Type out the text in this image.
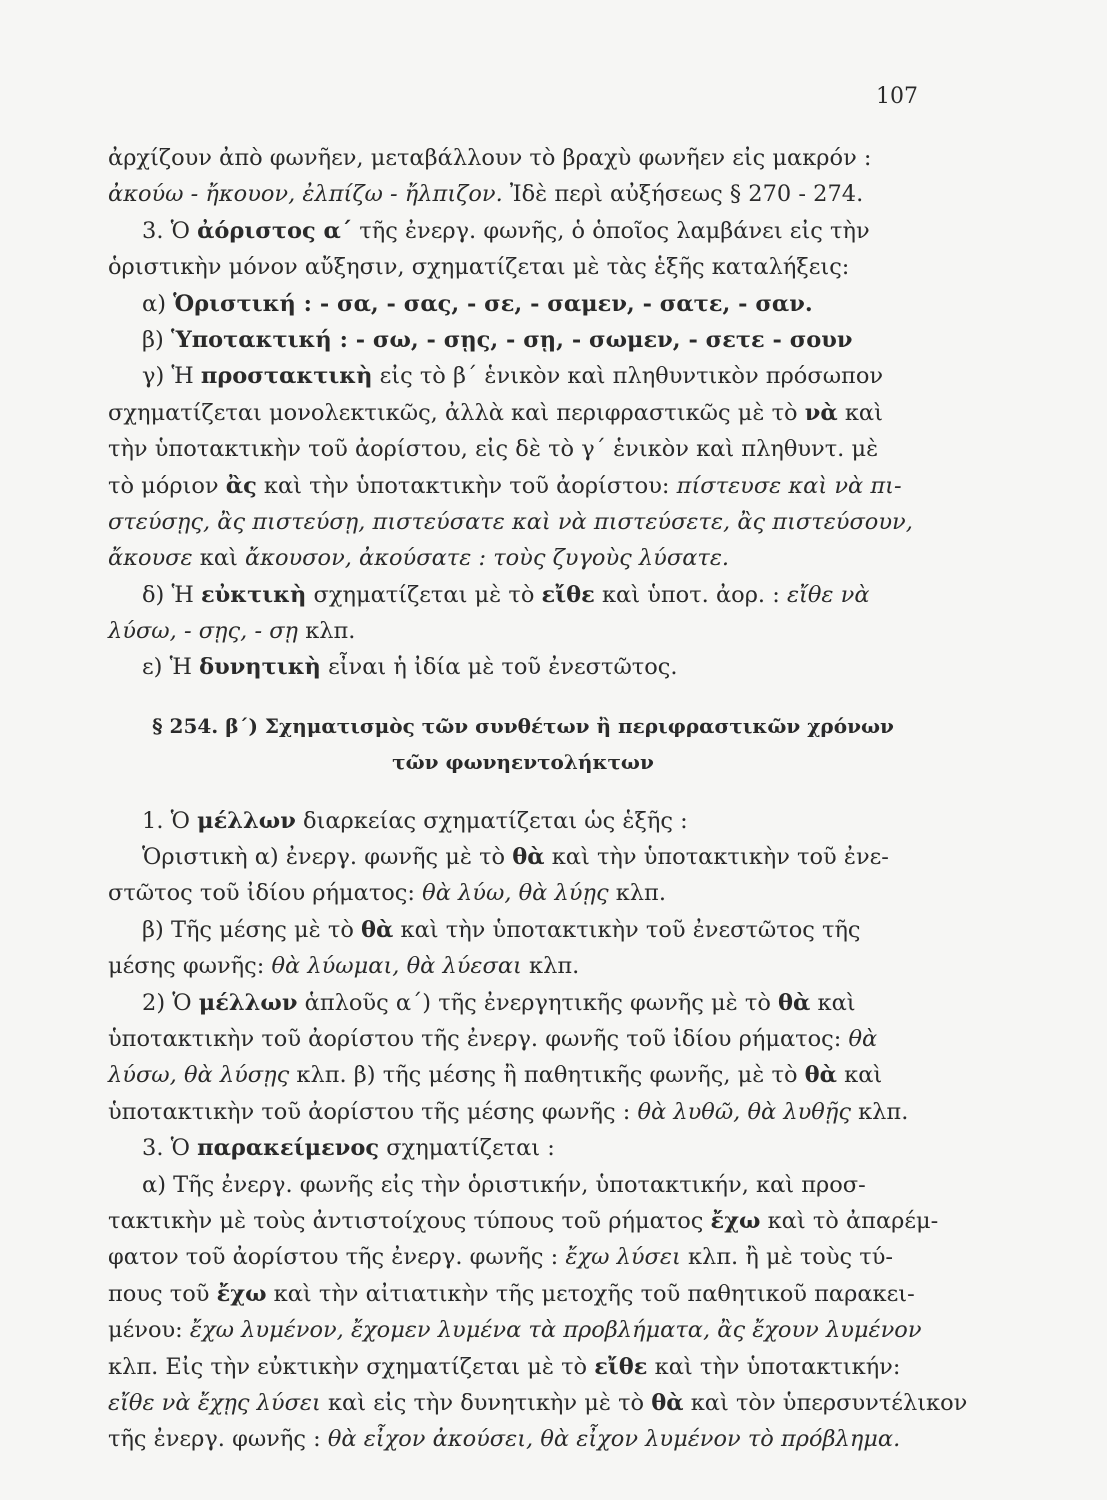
107
ἀρχίζουν ἀπὸ φωνῆεν, μεταβάλλουν τὸ βραχὺ φωνῆεν εἰς μακρόν :
ἀκούω - ἤκουον, ἐλπίζω - ἤλπιζον. Ἰδὲ περὶ αὐξήσεως § 270 - 274.
3. Ὁ ἀόριστος α΄ τῆς ἐνεργ. φωνῆς, ὁ ὁποῖος λαμβάνει εἰς τὴν
ὁριστικὴν μόνον αὔξησιν, σχηματίζεται μὲ τὰς ἑξῆς καταλήξεις:
α) Ὁριστική : - σα, - σας, - σε, - σαμεν, - σατε, - σαν.
β) Ὑποτακτική : - σω, - σῃς, - σῃ, - σωμεν, - σετε - σουν
γ) Ἡ προστακτικὴ εἰς τὸ β΄ ἑνικὸν καὶ πληθυντικὸν πρόσωπον
σχηματίζεται μονολεκτικῶς, ἀλλὰ καὶ περιφραστικῶς μὲ τὸ νὰ καὶ
τὴν ὑποτακτικὴν τοῦ ἀορίστου, εἰς δὲ τὸ γ΄ ἑνικὸν καὶ πληθυντ. μὲ
τὸ μόριον ἂς καὶ τὴν ὑποτακτικὴν τοῦ ἀορίστου: πίστευσε καὶ νὰ πι-
στεύσῃς, ἂς πιστεύσῃ, πιστεύσατε καὶ νὰ πιστεύσετε, ἂς πιστεύσουν,
ἄκουσε καὶ ἄκουσον, ἀκούσατε : τοὺς ζυγοὺς λύσατε.
δ) Ἡ εὐκτικὴ σχηματίζεται μὲ τὸ εἴθε καὶ ὑποτ. ἀορ. : εἴθε νὰ
λύσω, - σῃς, - σῃ κλπ.
ε) Ἡ δυνητικὴ εἶναι ἡ ἰδία μὲ τοῦ ἐνεστῶτος.
§ 254. β΄) Σχηματισμὸς τῶν συνθέτων ἢ περιφραστικῶν χρόνων
τῶν φωνηεντολήκτων
1. Ὁ μέλλων διαρκείας σχηματίζεται ὡς ἑξῆς :
Ὁριστικὴ α) ἐνεργ. φωνῆς μὲ τὸ θὰ καὶ τὴν ὑποτακτικὴν τοῦ ἐνε-
στῶτος τοῦ ἰδίου ρήματος: θὰ λύω, θὰ λύῃς κλπ.
β) Τῆς μέσης μὲ τὸ θὰ καὶ τὴν ὑποτακτικὴν τοῦ ἐνεστῶτος τῆς
μέσης φωνῆς: θὰ λύωμαι, θὰ λύεσαι κλπ.
2) Ὁ μέλλων ἁπλοῦς α΄) τῆς ἐνεργητικῆς φωνῆς μὲ τὸ θὰ καὶ
ὑποτακτικὴν τοῦ ἀορίστου τῆς ἐνεργ. φωνῆς τοῦ ἰδίου ρήματος: θὰ
λύσω, θὰ λύσῃς κλπ. β) τῆς μέσης ἢ παθητικῆς φωνῆς, μὲ τὸ θὰ καὶ
ὑποτακτικὴν τοῦ ἀορίστου τῆς μέσης φωνῆς : θὰ λυθῶ, θὰ λυθῇς κλπ.
3. Ὁ παρακείμενος σχηματίζεται :
α) Τῆς ἐνεργ. φωνῆς εἰς τὴν ὁριστικήν, ὑποτακτικήν, καὶ προσ-
τακτικὴν μὲ τοὺς ἀντιστοίχους τύπους τοῦ ρήματος ἔχω καὶ τὸ ἀπαρέμ-
φατον τοῦ ἀορίστου τῆς ἐνεργ. φωνῆς : ἔχω λύσει κλπ. ἢ μὲ τοὺς τύ-
πους τοῦ ἔχω καὶ τὴν αἰτιατικὴν τῆς μετοχῆς τοῦ παθητικοῦ παρακει-
μένου: ἔχω λυμένον, ἔχομεν λυμένα τὰ προβλήματα, ἂς ἔχουν λυμένον
κλπ. Εἰς τὴν εὐκτικὴν σχηματίζεται μὲ τὸ εἴθε καὶ τὴν ὑποτακτικήν:
εἴθε νὰ ἔχῃς λύσει καὶ εἰς τὴν δυνητικὴν μὲ τὸ θὰ καὶ τὸν ὑπερσυντέλικον
τῆς ἐνεργ. φωνῆς : θὰ εἶχον ἀκούσει, θὰ εἶχον λυμένον τὸ πρόβλημα.
